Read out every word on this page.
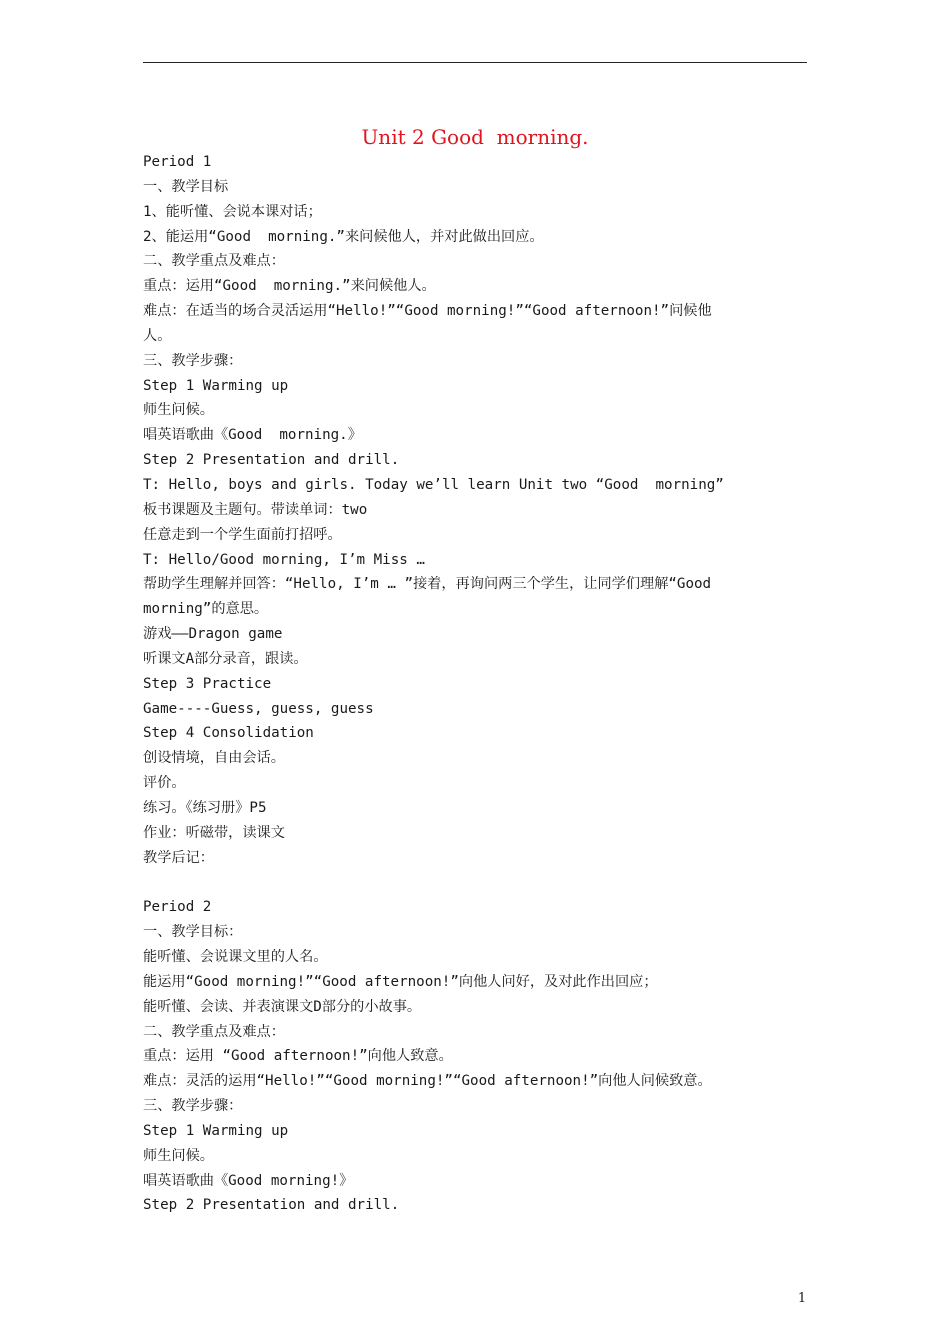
Unit 2 Good  morning.
Period 1
一、教学目标
1、能听懂、会说本课对话；
2、能运用“Good  morning.”来问候他人，并对此做出回应。
二、教学重点及难点：
重点：运用“Good  morning.”来问候他人。
难点：在适当的场合灵活运用“Hello!”“Good morning!”“Good afternoon!”问候他
人。
三、教学步骤：
Step 1 Warming up
师生问候。
唱英语歌曲《Good  morning.》
Step 2 Presentation and drill.
T: Hello, boys and girls. Today we’ll learn Unit two “Good  morning”
板书课题及主题句。带读单词：two
任意走到一个学生面前打招呼。
T: Hello/Good morning, I’m Miss …
帮助学生理解并回答：“Hello, I’m … ”接着，再询问两三个学生，让同学们理解“Good
morning”的意思。
游戏——Dragon game
听课文A部分录音，跟读。
Step 3 Practice
Game----Guess, guess, guess
Step 4 Consolidation
创设情境，自由会话。
评价。
练习。《练习册》P5
作业：听磁带，读课文
教学后记：
Period 2
一、教学目标：
能听懂、会说课文里的人名。
能运用“Good morning!”“Good afternoon!”向他人问好，及对此作出回应；
能听懂、会读、并表演课文D部分的小故事。
二、教学重点及难点：
重点：运用 “Good afternoon!”向他人致意。
难点：灵活的运用“Hello!”“Good morning!”“Good afternoon!”向他人问候致意。
三、教学步骤：
Step 1 Warming up
师生问候。
唱英语歌曲《Good morning!》
Step 2 Presentation and drill.
1
